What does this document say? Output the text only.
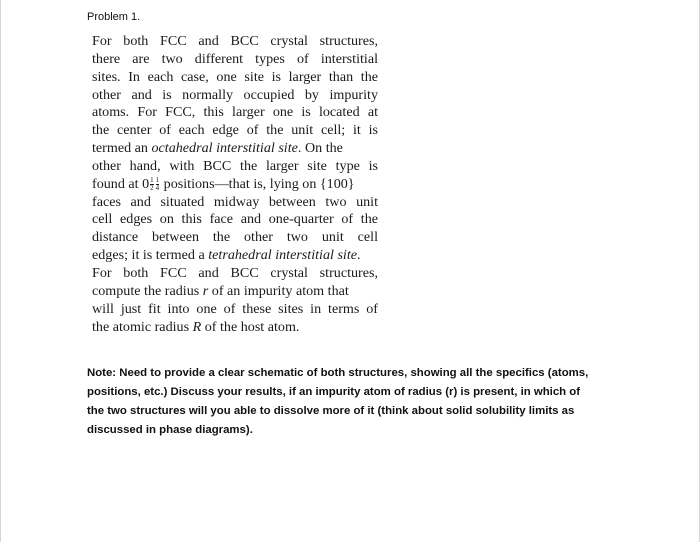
Problem 1.
For both FCC and BCC crystal structures,
there are two different types of interstitial
sites. In each case, one site is larger than the
other and is normally occupied by impurity
atoms. For FCC, this larger one is located at
the center of each edge of the unit cell; it is
termed an octahedral interstitial site. On the
other hand, with BCC the larger site type is
found at $0 \frac{1}{2} \frac{1}{4}$ positions—that is, lying on {100}
faces and situated midway between two unit
cell edges on this face and one-quarter of the
distance between the other two unit cell
edges; it is termed a tetrahedral interstitial site.
For both FCC and BCC crystal structures,
compute the radius r of an impurity atom that
will just fit into one of these sites in terms of
the atomic radius R of the host atom.
Note: Need to provide a clear schematic of both structures, showing all the specifics (atoms,
positions, etc.) Discuss your results, if an impurity atom of radius (r) is present, in which of
the two structures will you able to dissolve more of it (think about solid solubility limits as
discussed in phase diagrams).
